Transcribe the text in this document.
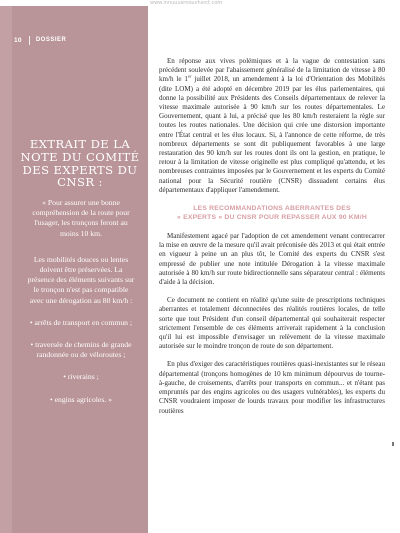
www.innuuusrnouvhsrct.com
10 DOSSIER
EXTRAIT DE LA
NOTE DU COMITÉ
DES EXPERTS DU
CNSR :
« Pour assurer une bonne compréhension de la route pour l'usager, les tronçons feront au moins 10 km.
Les mobilités douces ou lentes doivent être préservées. La présence des éléments suivants sur le tronçon n'est pas compatible avec une dérogation au 80 km/h :
• arrêts de transport en commun ;
• traversée de chemins de grande randonnée ou de véloroutes ;
• riverains ;
• engins agricoles. »

En réponse aux vives polémiques et à la vague de contestation sans précédent soulevée par l'abaissement généralisé de la limitation de vitesse à 80 km/h le 1er juillet 2018, un amendement à la loi d'Orientation des Mobilités (dite LOM) a été adopté en décembre 2019 par les élus parlementaires, qui donne la possibilité aux Présidents des Conseils départementaux de relever la vitesse maximale autorisée à 90 km/h sur les routes départementales. Le Gouvernement, quant à lui, a précisé que les 80 km/h resteraient la règle sur toutes les routes nationales. Une décision qui crée une distorsion importante entre l'État central et les élus locaux. Si, à l'annonce de cette réforme, de très nombreux départements se sont dit publiquement favorables à une large restauration des 90 km/h sur les routes dont ils ont la gestion, en pratique, le retour à la limitation de vitesse originelle est plus compliqué qu'attendu, et les nombreuses contraintes imposées par le Gouvernement et les experts du Comité national pour la Sécurité routière (CNSR) dissuadent certains élus départementaux d'appliquer l'amendement.

LES RECOMMANDATIONS ABERRANTES DES
« EXPERTS » DU CNSR POUR REPASSER AUX 90 KM/H

Manifestement agacé par l'adoption de cet amendement venant contrecarrer la mise en œuvre de la mesure qu'il avait préconisée dès 2013 et qui était entrée en vigueur à peine un an plus tôt, le Comité des experts du CNSR s'est empressé de publier une note intitulée Dérogation à la vitesse maximale autorisée à 80 km/h sur route bidirectionnelle sans séparateur central : éléments d'aide à la décision.

Ce document ne contient en réalité qu'une suite de prescriptions techniques aberrantes et totalement déconnectées des réalités routières locales, de telle sorte que tout Président d'un conseil départemental qui souhaiterait respecter strictement l'ensemble de ces éléments arriverait rapidement à la conclusion qu'il lui est impossible d'envisager un relèvement de la vitesse maximale autorisée sur le moindre tronçon de route de son département.

En plus d'exiger des caractéristiques routières quasi-inexistantes sur le réseau départemental (tronçons homogènes de 10 km minimum dépourvus de tourne-à-gauche, de croisements, d'arrêts pour transports en commun... et n'étant pas empruntés par des engins agricoles ou des usagers vulnérables), les experts du CNSR voudraient imposer de lourds travaux pour modifier les infrastructures routières
